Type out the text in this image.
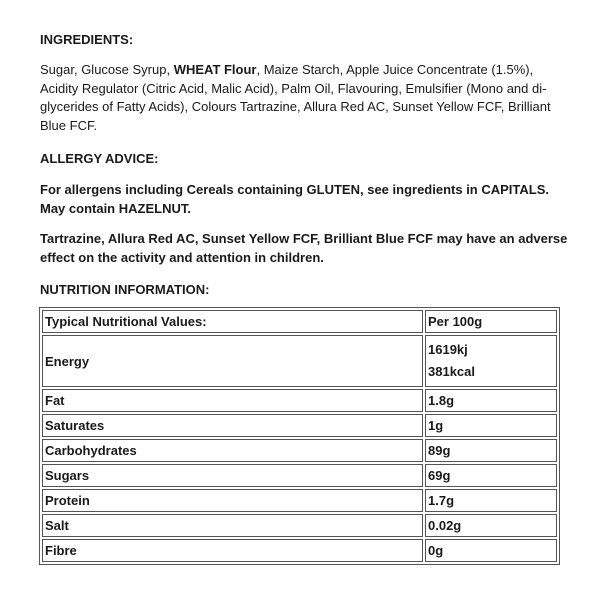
INGREDIENTS:

Sugar, Glucose Syrup, WHEAT Flour, Maize Starch, Apple Juice Concentrate (1.5%), Acidity Regulator (Citric Acid, Malic Acid), Palm Oil, Flavouring, Emulsifier (Mono and di-glycerides of Fatty Acids), Colours Tartrazine, Allura Red AC, Sunset Yellow FCF, Brilliant Blue FCF.

ALLERGY ADVICE:

For allergens including Cereals containing GLUTEN, see ingredients in CAPITALS. May contain HAZELNUT.

Tartrazine, Allura Red AC, Sunset Yellow FCF, Brilliant Blue FCF may have an adverse effect on the activity and attention in children.

NUTRITION INFORMATION:

Typical Nutritional Values:	Per 100g
Energy	1619kj
381kcal

Fat	1.8g
Saturates	1g
Carbohydrates	89g
Sugars	69g
Protein	1.7g
Salt	0.02g
Fibre	0g
